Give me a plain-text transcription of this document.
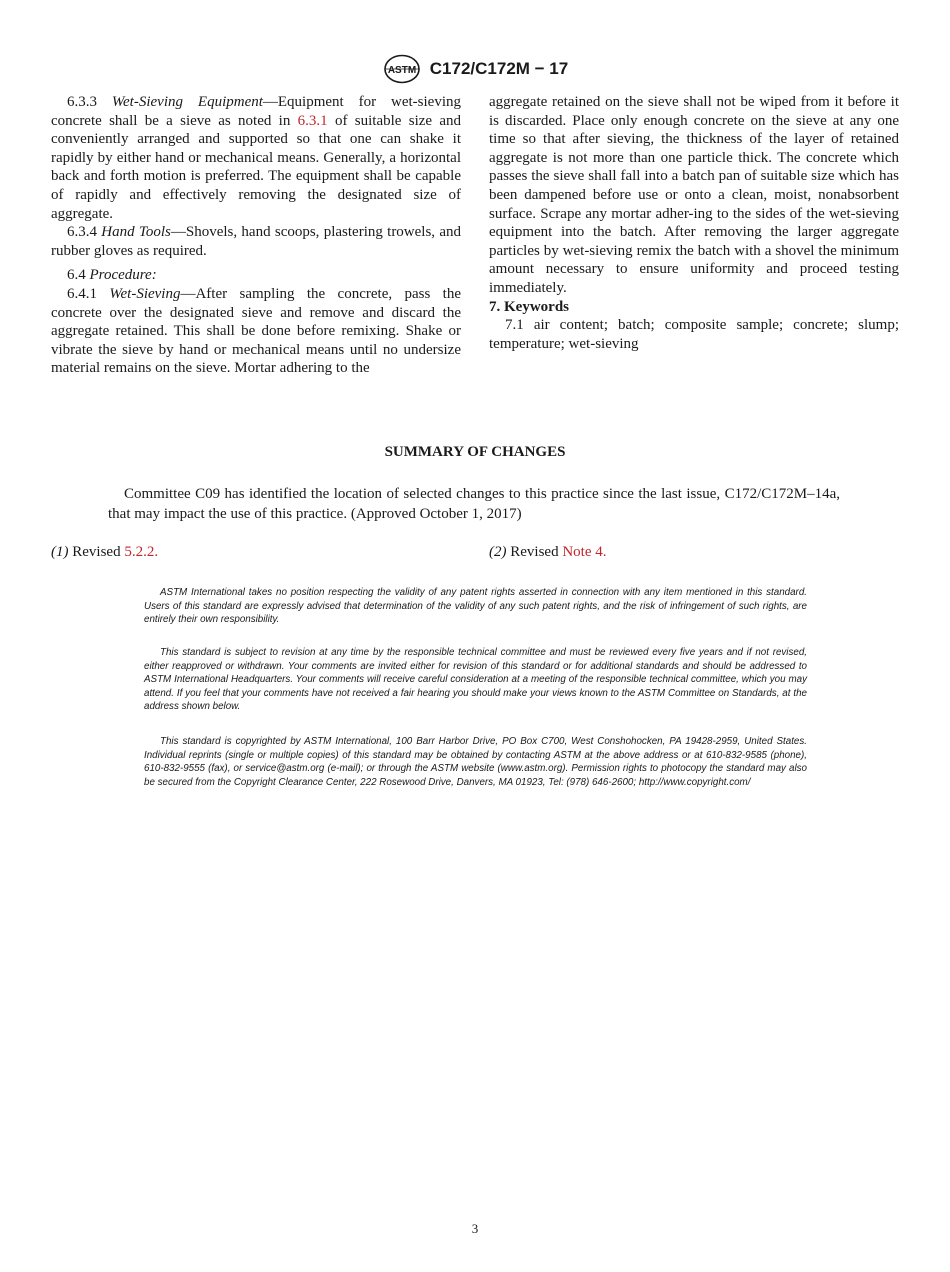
ASTM C172/C172M − 17

6.3.3 Wet-Sieving Equipment—Equipment for wet-sieving concrete shall be a sieve as noted in 6.3.1 of suitable size and conveniently arranged and supported so that one can shake it rapidly by either hand or mechanical means. Generally, a horizontal back and forth motion is preferred. The equipment shall be capable of rapidly and effectively removing the designated size of aggregate.

6.3.4 Hand Tools—Shovels, hand scoops, plastering trowels, and rubber gloves as required.

6.4 Procedure:

6.4.1 Wet-Sieving—After sampling the concrete, pass the concrete over the designated sieve and remove and discard the aggregate retained. This shall be done before remixing. Shake or vibrate the sieve by hand or mechanical means until no undersize material remains on the sieve. Mortar adhering to the

aggregate retained on the sieve shall not be wiped from it before it is discarded. Place only enough concrete on the sieve at any one time so that after sieving, the thickness of the layer of retained aggregate is not more than one particle thick. The concrete which passes the sieve shall fall into a batch pan of suitable size which has been dampened before use or onto a clean, moist, nonabsorbent surface. Scrape any mortar adher-ing to the sides of the wet-sieving equipment into the batch. After removing the larger aggregate particles by wet-sieving remix the batch with a shovel the minimum amount necessary to ensure uniformity and proceed testing immediately.

7. Keywords

7.1 air content; batch; composite sample; concrete; slump; temperature; wet-sieving

SUMMARY OF CHANGES

Committee C09 has identified the location of selected changes to this practice since the last issue, C172/C172M–14a, that may impact the use of this practice. (Approved October 1, 2017)

(1) Revised 5.2.2.	(2) Revised Note 4.

ASTM International takes no position respecting the validity of any patent rights asserted in connection with any item mentioned in this standard. Users of this standard are expressly advised that determination of the validity of any such patent rights, and the risk of infringement of such rights, are entirely their own responsibility.

This standard is subject to revision at any time by the responsible technical committee and must be reviewed every five years and if not revised, either reapproved or withdrawn. Your comments are invited either for revision of this standard or for additional standards and should be addressed to ASTM International Headquarters. Your comments will receive careful consideration at a meeting of the responsible technical committee, which you may attend. If you feel that your comments have not received a fair hearing you should make your views known to the ASTM Committee on Standards, at the address shown below.

This standard is copyrighted by ASTM International, 100 Barr Harbor Drive, PO Box C700, West Conshohocken, PA 19428-2959, United States. Individual reprints (single or multiple copies) of this standard may be obtained by contacting ASTM at the above address or at 610-832-9585 (phone), 610-832-9555 (fax), or service@astm.org (e-mail); or through the ASTM website (www.astm.org). Permission rights to photocopy the standard may also be secured from the Copyright Clearance Center, 222 Rosewood Drive, Danvers, MA 01923, Tel: (978) 646-2600; http://www.copyright.com/

3
